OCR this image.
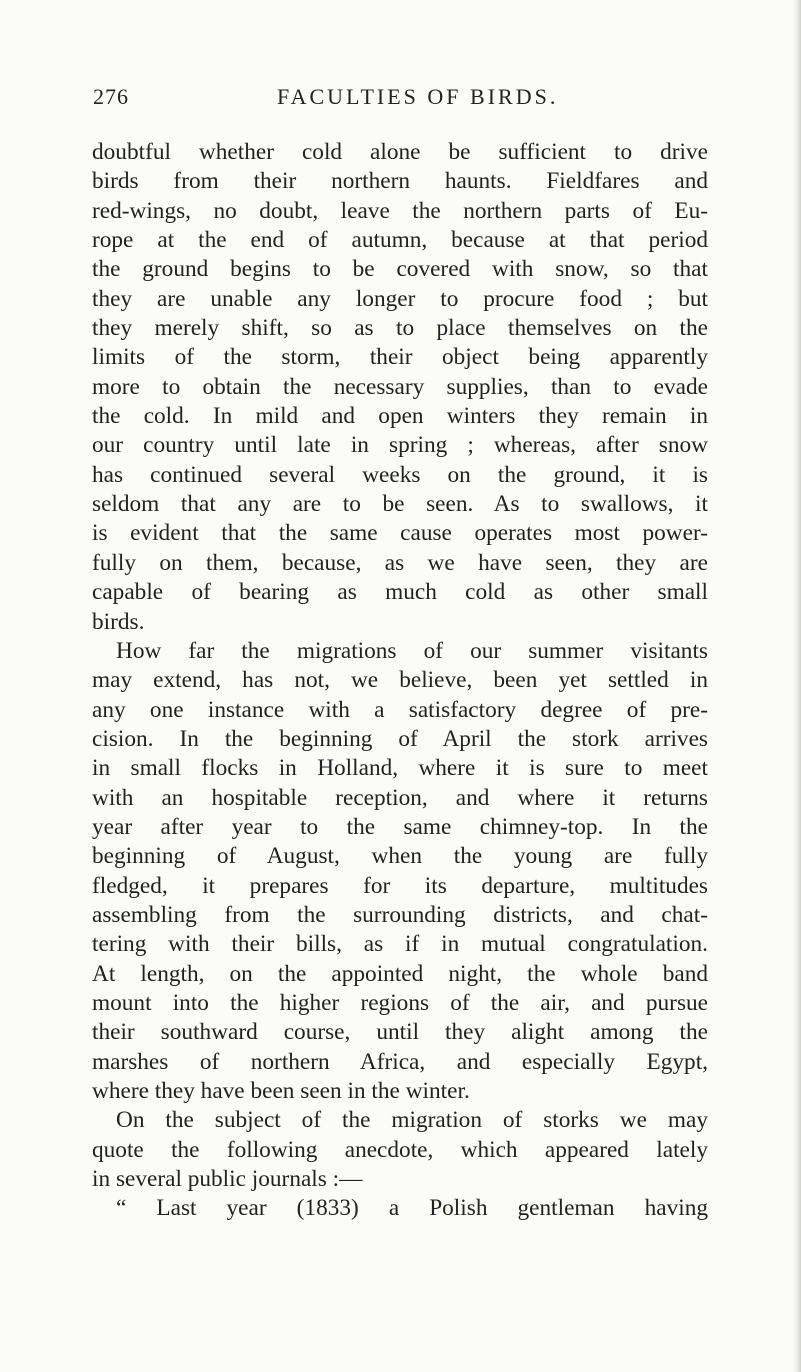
276	FACULTIES OF BIRDS.
doubtful whether cold alone be sufficient to drive
birds from their northern haunts. Fieldfares and
red-wings, no doubt, leave the northern parts of Eu-
rope at the end of autumn, because at that period
the ground begins to be covered with snow, so that
they are unable any longer to procure food ; but
they merely shift, so as to place themselves on the
limits of the storm, their object being apparently
more to obtain the necessary supplies, than to evade
the cold. In mild and open winters they remain in
our country until late in spring ; whereas, after snow
has continued several weeks on the ground, it is
seldom that any are to be seen. As to swallows, it
is evident that the same cause operates most power-
fully on them, because, as we have seen, they are
capable of bearing as much cold as other small
birds.
How far the migrations of our summer visitants
may extend, has not, we believe, been yet settled in
any one instance with a satisfactory degree of pre-
cision. In the beginning of April the stork arrives
in small flocks in Holland, where it is sure to meet
with an hospitable reception, and where it returns
year after year to the same chimney-top. In the
beginning of August, when the young are fully
fledged, it prepares for its departure, multitudes
assembling from the surrounding districts, and chat-
tering with their bills, as if in mutual congratulation.
At length, on the appointed night, the whole band
mount into the higher regions of the air, and pursue
their southward course, until they alight among the
marshes of northern Africa, and especially Egypt,
where they have been seen in the winter.
On the subject of the migration of storks we may
quote the following anecdote, which appeared lately
in several public journals :—
“ Last year (1833) a Polish gentleman having
